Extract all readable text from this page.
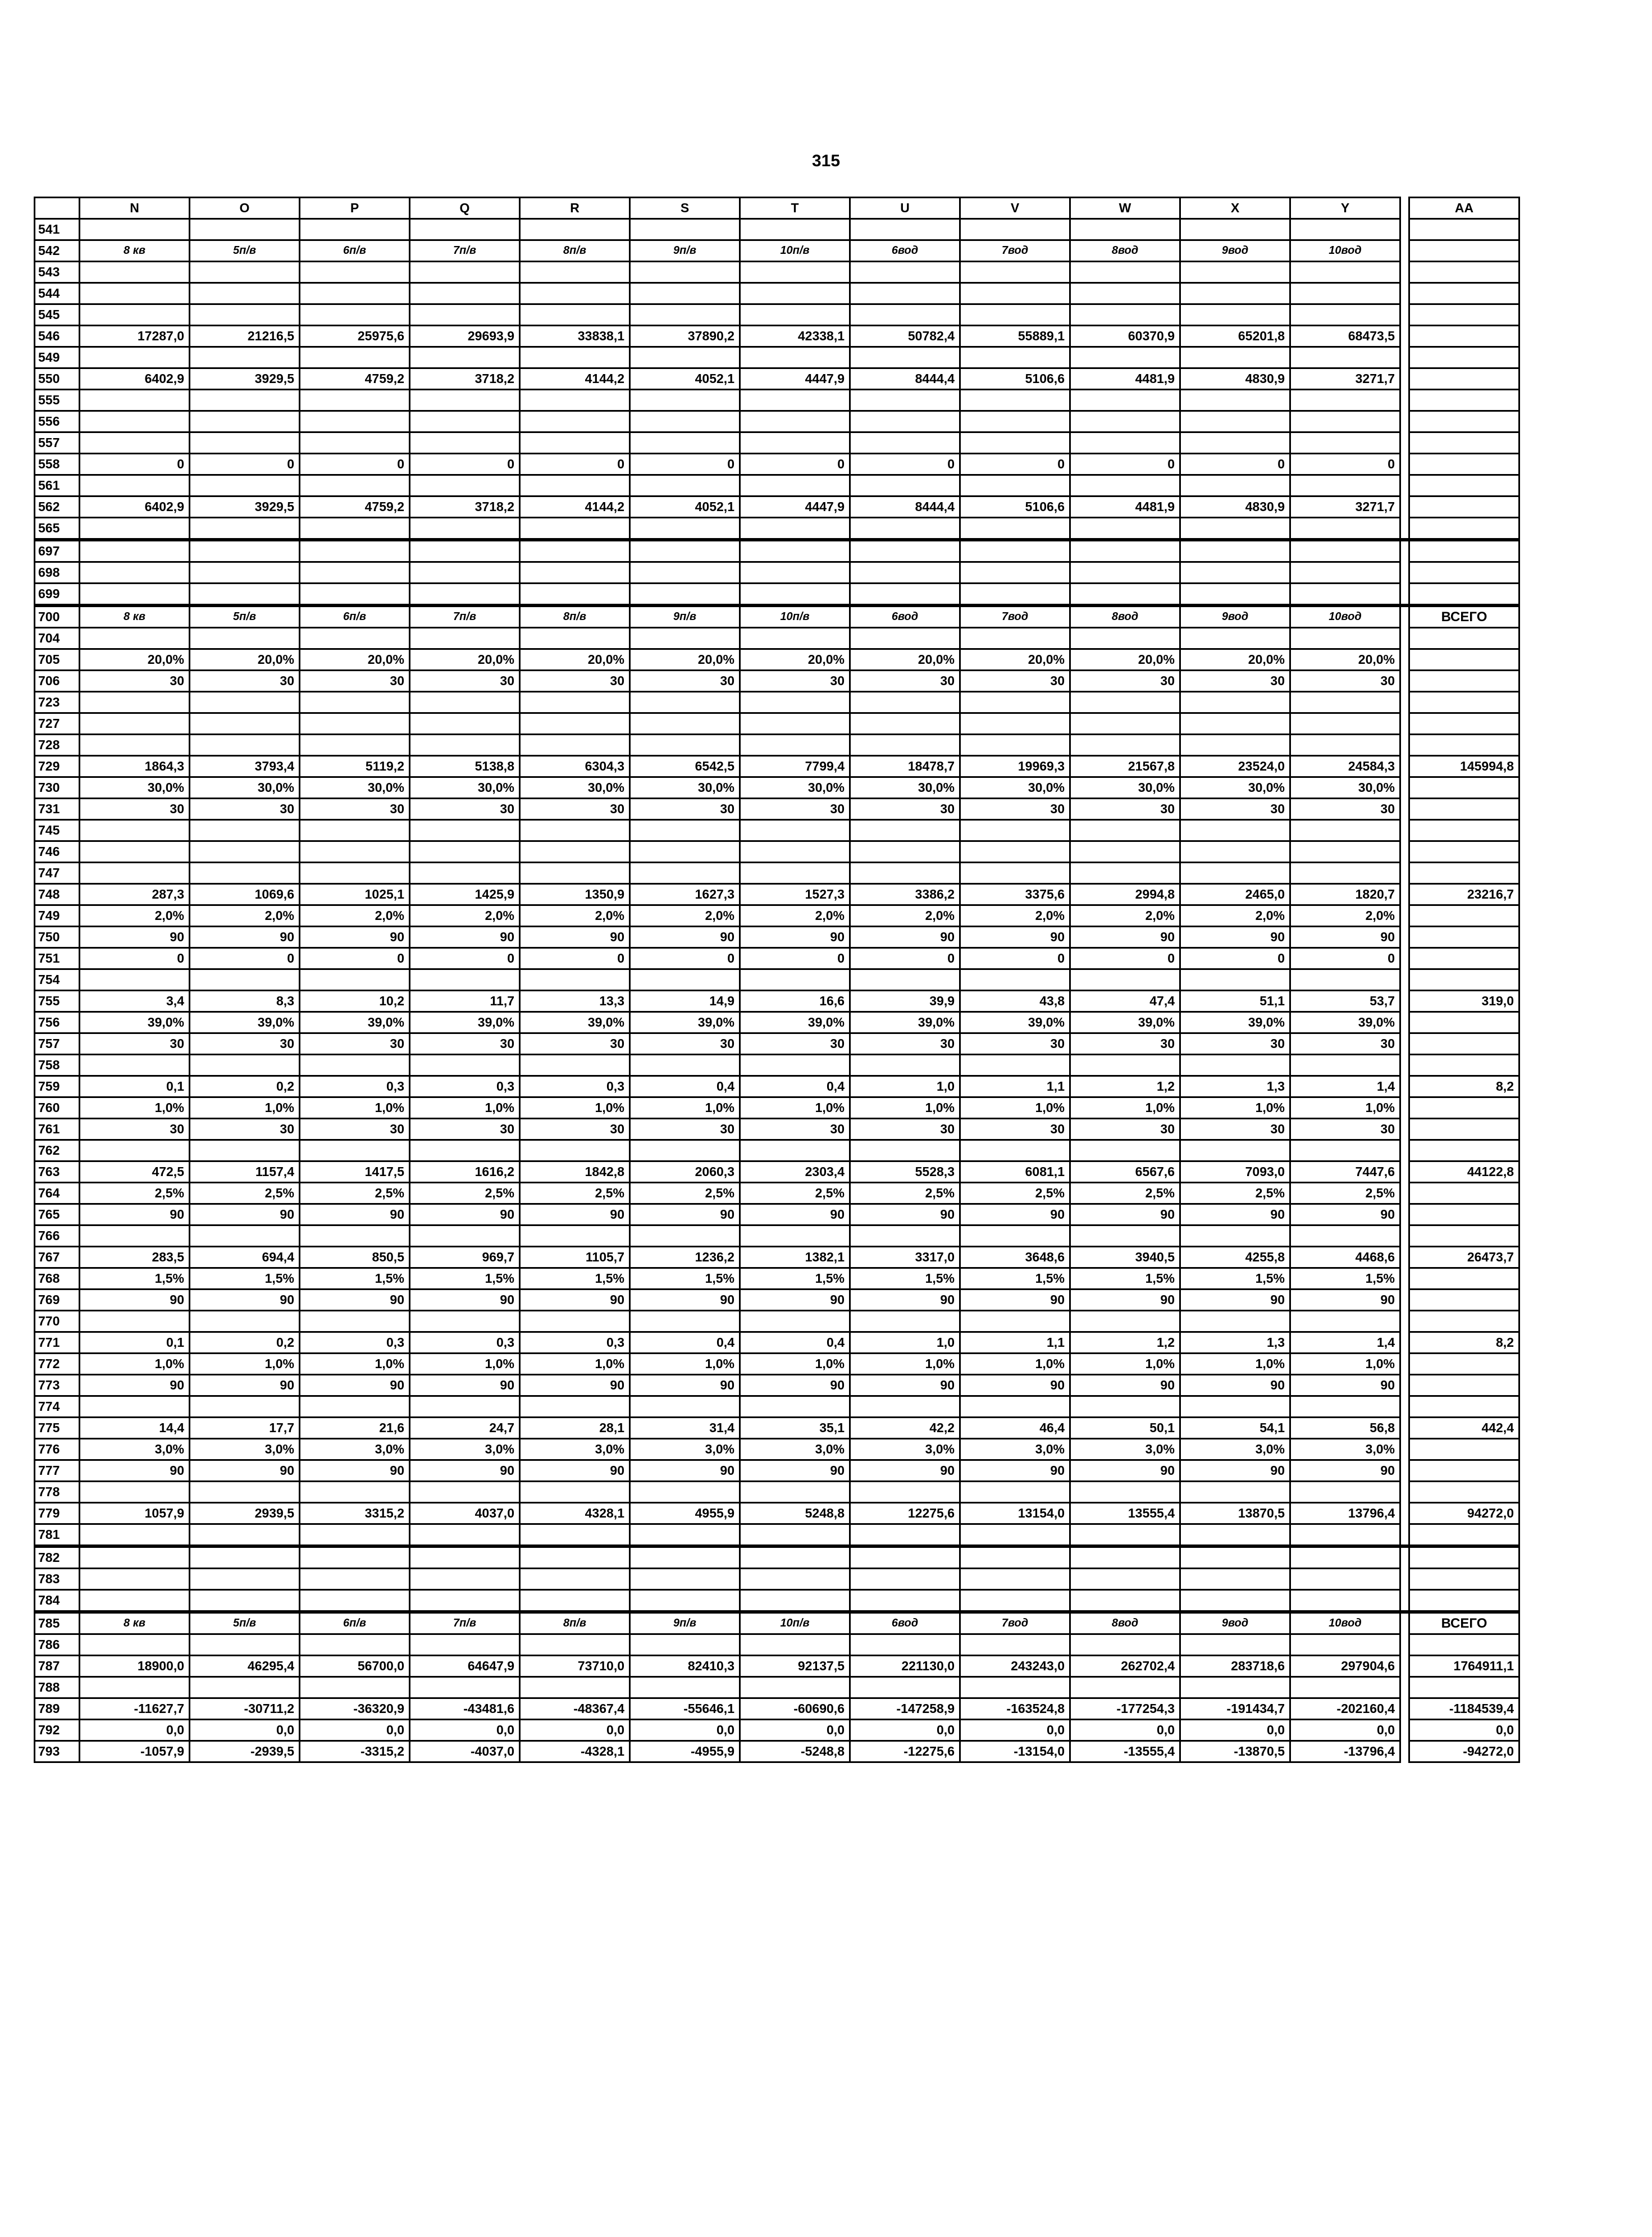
315
	N	O	P	Q	R	S	T	U	V	W	X	Y		AA
541														
542	8 кв	5п/в	6п/в	7п/в	8п/в	9п/в	10п/в	6вод	7вод	8вод	9вод	10вод		
543														
544														
545														
546	17287,0	21216,5	25975,6	29693,9	33838,1	37890,2	42338,1	50782,4	55889,1	60370,9	65201,8	68473,5		
549														
550	6402,9	3929,5	4759,2	3718,2	4144,2	4052,1	4447,9	8444,4	5106,6	4481,9	4830,9	3271,7		
555														
556														
557														
558	0	0	0	0	0	0	0	0	0	0	0	0		
561														
562	6402,9	3929,5	4759,2	3718,2	4144,2	4052,1	4447,9	8444,4	5106,6	4481,9	4830,9	3271,7		
565														
697														
698														
699														
700	8 кв	5п/в	6п/в	7п/в	8п/в	9п/в	10п/в	6вод	7вод	8вод	9вод	10вод		ВСЕГО
704														
705	20,0%	20,0%	20,0%	20,0%	20,0%	20,0%	20,0%	20,0%	20,0%	20,0%	20,0%	20,0%		
706	30	30	30	30	30	30	30	30	30	30	30	30		
723														
727														
728														
729	1864,3	3793,4	5119,2	5138,8	6304,3	6542,5	7799,4	18478,7	19969,3	21567,8	23524,0	24584,3		145994,8
730	30,0%	30,0%	30,0%	30,0%	30,0%	30,0%	30,0%	30,0%	30,0%	30,0%	30,0%	30,0%		
731	30	30	30	30	30	30	30	30	30	30	30	30		
745														
746														
747														
748	287,3	1069,6	1025,1	1425,9	1350,9	1627,3	1527,3	3386,2	3375,6	2994,8	2465,0	1820,7		23216,7
749	2,0%	2,0%	2,0%	2,0%	2,0%	2,0%	2,0%	2,0%	2,0%	2,0%	2,0%	2,0%		
750	90	90	90	90	90	90	90	90	90	90	90	90		
751	0	0	0	0	0	0	0	0	0	0	0	0		
754														
755	3,4	8,3	10,2	11,7	13,3	14,9	16,6	39,9	43,8	47,4	51,1	53,7		319,0
756	39,0%	39,0%	39,0%	39,0%	39,0%	39,0%	39,0%	39,0%	39,0%	39,0%	39,0%	39,0%		
757	30	30	30	30	30	30	30	30	30	30	30	30		
758														
759	0,1	0,2	0,3	0,3	0,3	0,4	0,4	1,0	1,1	1,2	1,3	1,4		8,2
760	1,0%	1,0%	1,0%	1,0%	1,0%	1,0%	1,0%	1,0%	1,0%	1,0%	1,0%	1,0%		
761	30	30	30	30	30	30	30	30	30	30	30	30		
762														
763	472,5	1157,4	1417,5	1616,2	1842,8	2060,3	2303,4	5528,3	6081,1	6567,6	7093,0	7447,6		44122,8
764	2,5%	2,5%	2,5%	2,5%	2,5%	2,5%	2,5%	2,5%	2,5%	2,5%	2,5%	2,5%		
765	90	90	90	90	90	90	90	90	90	90	90	90		
766														
767	283,5	694,4	850,5	969,7	1105,7	1236,2	1382,1	3317,0	3648,6	3940,5	4255,8	4468,6		26473,7
768	1,5%	1,5%	1,5%	1,5%	1,5%	1,5%	1,5%	1,5%	1,5%	1,5%	1,5%	1,5%		
769	90	90	90	90	90	90	90	90	90	90	90	90		
770														
771	0,1	0,2	0,3	0,3	0,3	0,4	0,4	1,0	1,1	1,2	1,3	1,4		8,2
772	1,0%	1,0%	1,0%	1,0%	1,0%	1,0%	1,0%	1,0%	1,0%	1,0%	1,0%	1,0%		
773	90	90	90	90	90	90	90	90	90	90	90	90		
774														
775	14,4	17,7	21,6	24,7	28,1	31,4	35,1	42,2	46,4	50,1	54,1	56,8		442,4
776	3,0%	3,0%	3,0%	3,0%	3,0%	3,0%	3,0%	3,0%	3,0%	3,0%	3,0%	3,0%		
777	90	90	90	90	90	90	90	90	90	90	90	90		
778														
779	1057,9	2939,5	3315,2	4037,0	4328,1	4955,9	5248,8	12275,6	13154,0	13555,4	13870,5	13796,4		94272,0
781														
782														
783														
784														
785	8 кв	5п/в	6п/в	7п/в	8п/в	9п/в	10п/в	6вод	7вод	8вод	9вод	10вод		ВСЕГО
786														
787	18900,0	46295,4	56700,0	64647,9	73710,0	82410,3	92137,5	221130,0	243243,0	262702,4	283718,6	297904,6		1764911,1
788														
789	-11627,7	-30711,2	-36320,9	-43481,6	-48367,4	-55646,1	-60690,6	-147258,9	-163524,8	-177254,3	-191434,7	-202160,4		-1184539,4
792	0,0	0,0	0,0	0,0	0,0	0,0	0,0	0,0	0,0	0,0	0,0	0,0		0,0
793	-1057,9	-2939,5	-3315,2	-4037,0	-4328,1	-4955,9	-5248,8	-12275,6	-13154,0	-13555,4	-13870,5	-13796,4		-94272,0
